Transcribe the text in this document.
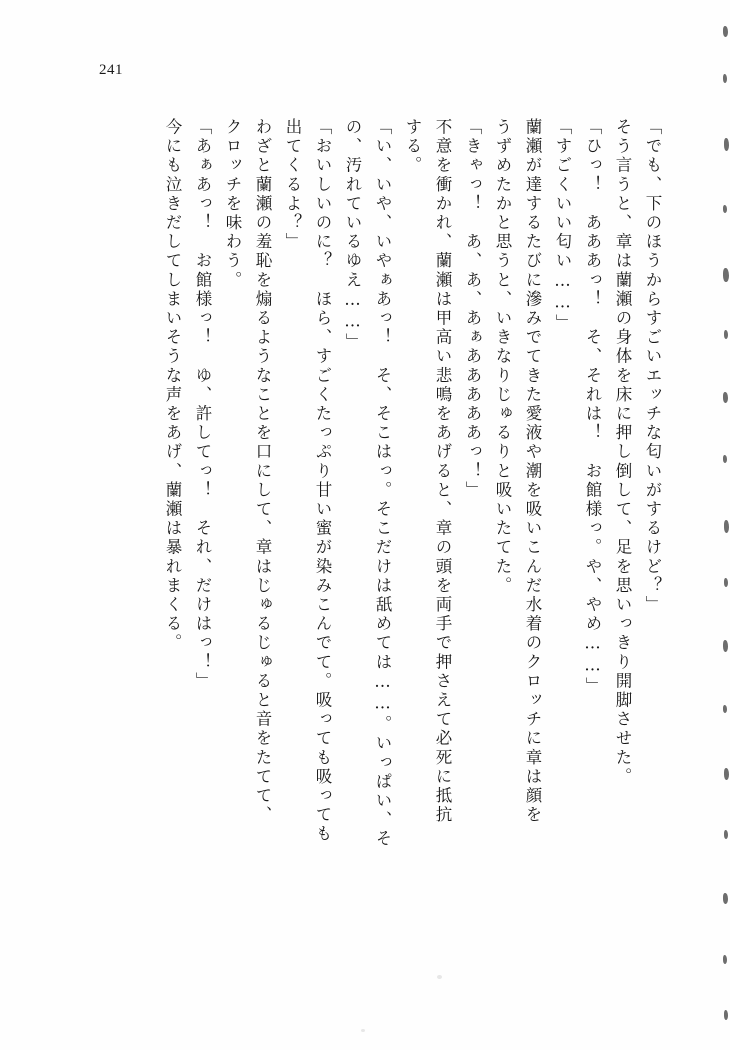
241
「でも、下のほうからすごいエッチな匂いがするけど？」
そう言うと、章は蘭瀬の身体を床に押し倒して、足を思いっきり開脚させた。
「ひっ！　あああっ！　そ、それは！　お館様っ。や、やめ……」
「すごくいい匂い……」
蘭瀬が達するたびに滲みでてきた愛液や潮を吸いこんだ水着のクロッチに章は顔を
うずめたかと思うと、いきなりじゅるりと吸いたてた。
「きゃっ！　あ、あ、あぁあああああっ！」
不意を衝かれ、蘭瀬は甲高い悲鳴をあげると、章の頭を両手で押さえて必死に抵抗
する。
「い、いや、いやぁあっ！　そ、そこはっ。そこだけは舐めては……。いっぱい、そ
の、汚れているゆえ……」
「おいしいのに？　ほら、すごくたっぷり甘い蜜が染みこんでて。吸っても吸っても
出てくるよ？」
わざと蘭瀬の羞恥を煽るようなことを口にして、章はじゅるじゅると音をたてて、
クロッチを味わう。
「あぁあっ！　お館様っ！　ゆ、許してっ！　それ、だけはっ！」
今にも泣きだしてしまいそうな声をあげ、蘭瀬は暴れまくる。
